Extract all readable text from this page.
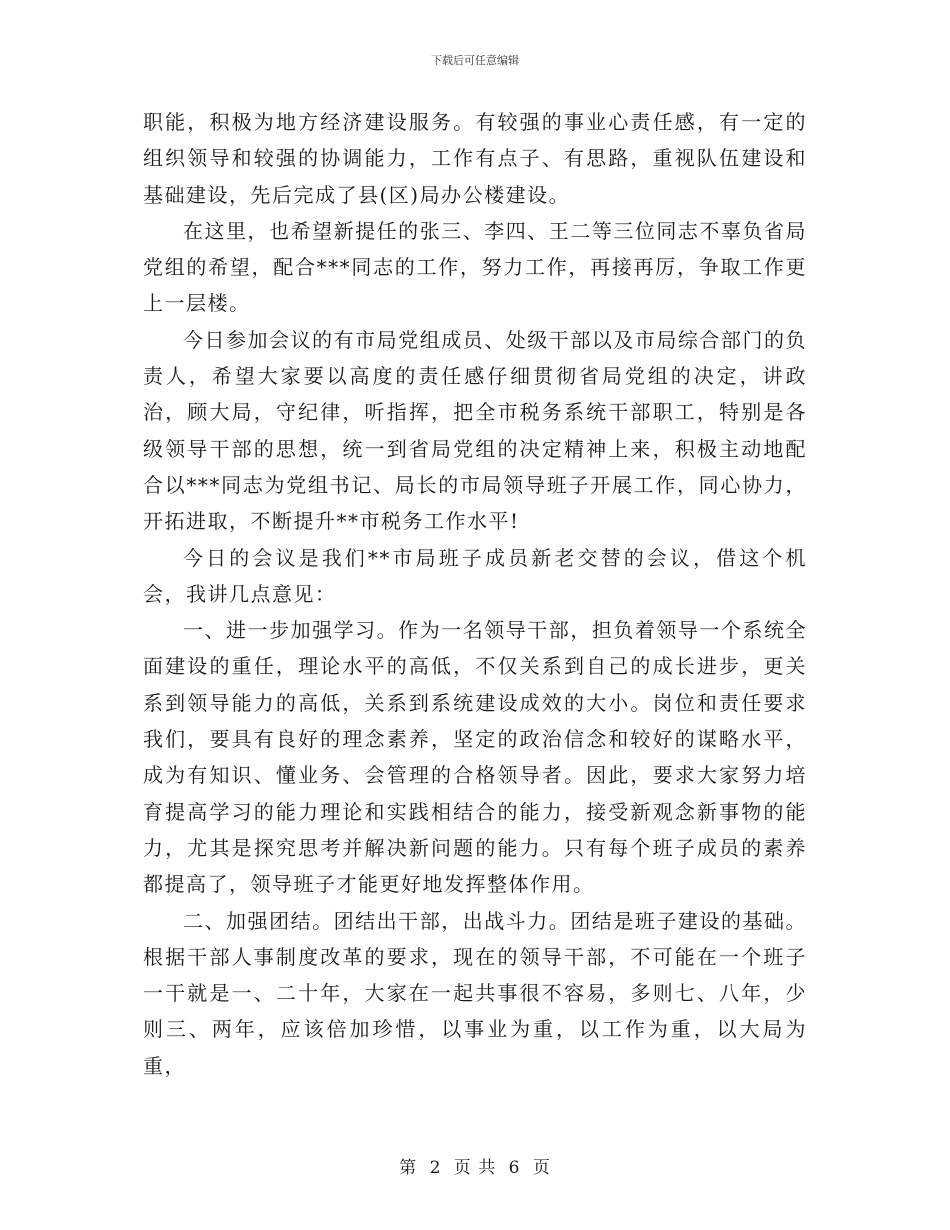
下载后可任意编辑

职能，积极为地方经济建设服务。有较强的事业心责任感，有一定的组织领导和较强的协调能力，工作有点子、有思路，重视队伍建设和基础建设，先后完成了县(区)局办公楼建设。

在这里，也希望新提任的张三、李四、王二等三位同志不辜负省局党组的希望，配合***同志的工作，努力工作，再接再厉，争取工作更上一层楼。

今日参加会议的有市局党组成员、处级干部以及市局综合部门的负责人，希望大家要以高度的责任感仔细贯彻省局党组的决定，讲政治，顾大局，守纪律，听指挥，把全市税务系统干部职工，特别是各级领导干部的思想，统一到省局党组的决定精神上来，积极主动地配合以***同志为党组书记、局长的市局领导班子开展工作，同心协力，开拓进取，不断提升**市税务工作水平!

今日的会议是我们**市局班子成员新老交替的会议，借这个机会，我讲几点意见：

一、进一步加强学习。作为一名领导干部，担负着领导一个系统全面建设的重任，理论水平的高低，不仅关系到自己的成长进步，更关系到领导能力的高低，关系到系统建设成效的大小。岗位和责任要求我们，要具有良好的理念素养，坚定的政治信念和较好的谋略水平，成为有知识、懂业务、会管理的合格领导者。因此，要求大家努力培育提高学习的能力理论和实践相结合的能力，接受新观念新事物的能力，尤其是探究思考并解决新问题的能力。只有每个班子成员的素养都提高了，领导班子才能更好地发挥整体作用。

二、加强团结。团结出干部，出战斗力。团结是班子建设的基础。根据干部人事制度改革的要求，现在的领导干部，不可能在一个班子一干就是一、二十年，大家在一起共事很不容易，多则七、八年，少则三、两年，应该倍加珍惜，以事业为重，以工作为重，以大局为重，

第 2 页 共 6 页
